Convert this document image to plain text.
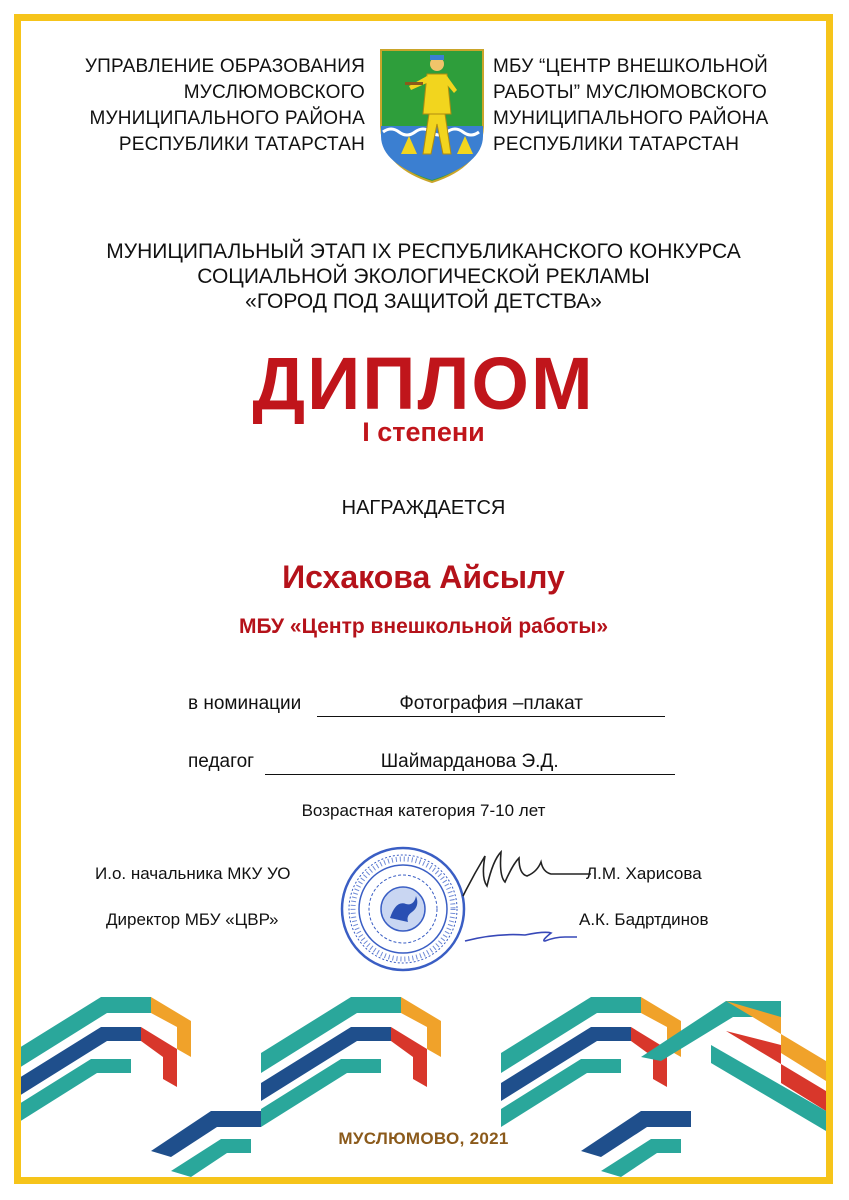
УПРАВЛЕНИЕ ОБРАЗОВАНИЯ
МУСЛЮМОВСКОГО
МУНИЦИПАЛЬНОГО РАЙОНА
РЕСПУБЛИКИ ТАТАРСТАН
МБУ “ЦЕНТР ВНЕШКОЛЬНОЙ
РАБОТЫ” МУСЛЮМОВСКОГО
МУНИЦИПАЛЬНОГО РАЙОНА
РЕСПУБЛИКИ ТАТАРСТАН
МУНИЦИПАЛЬНЫЙ ЭТАП IX РЕСПУБЛИКАНСКОГО КОНКУРСА
СОЦИАЛЬНОЙ ЭКОЛОГИЧЕСКОЙ РЕКЛАМЫ
«ГОРОД ПОД ЗАЩИТОЙ ДЕТСТВА»
ДИПЛОМ
I степени
НАГРАЖДАЕТСЯ
Исхакова Айсылу
МБУ «Центр внешкольной работы»
в номинации	Фотография –плакат
педагог	Шаймарданова Э.Д.
Возрастная категория 7-10 лет
И.о. начальника МКУ УО	Л.М. Харисова
Директор МБУ «ЦВР»	А.К. Бадртдинов
МУСЛЮМОВО, 2021
